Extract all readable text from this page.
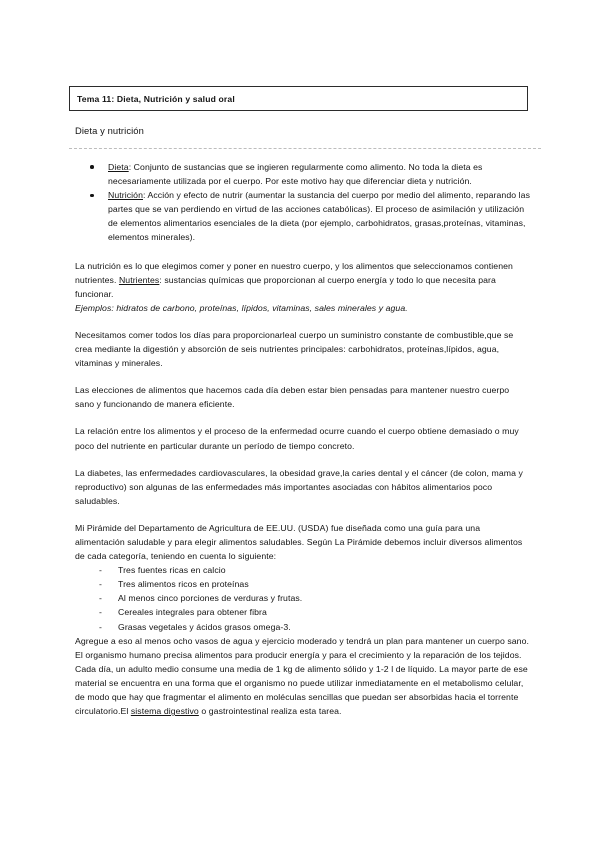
Tema 11: Dieta, Nutrición y salud oral
Dieta y nutrición
Dieta: Conjunto de sustancias que se ingieren regularmente como alimento. No toda la dieta es necesariamente utilizada por el cuerpo. Por este motivo hay que diferenciar dieta y nutrición.
Nutrición: Acción y efecto de nutrir (aumentar la sustancia del cuerpo por medio del alimento, reparando las partes que se van perdiendo en virtud de las acciones catabólicas). El proceso de asimilación y utilización de elementos alimentarios esenciales de la dieta (por ejemplo, carbohidratos, grasas,proteínas, vitaminas, elementos minerales).

La nutrición es lo que elegimos comer y poner en nuestro cuerpo, y los alimentos que seleccionamos contienen nutrientes. Nutrientes: sustancias químicas que proporcionan al cuerpo energía y todo lo que necesita para funcionar.

Ejemplos: hidratos de carbono, proteínas, lípidos, vitaminas, sales minerales y agua.

Necesitamos comer todos los días para proporcionarleal cuerpo un suministro constante de combustible,que se crea mediante la digestión y absorción de seis nutrientes principales: carbohidratos, proteínas,lípidos, agua, vitaminas y minerales.

Las elecciones de alimentos que hacemos cada día deben estar bien pensadas para mantener nuestro cuerpo sano y funcionando de manera eficiente.

La relación entre los alimentos y el proceso de la enfermedad ocurre cuando el cuerpo obtiene demasiado o muy poco del nutriente en particular durante un período de tiempo concreto.

La diabetes, las enfermedades cardiovasculares, la obesidad grave,la caries dental y el cáncer (de colon, mama y reproductivo) son algunas de las enfermedades más importantes asociadas con hábitos alimentarios poco saludables.

Mi Pirámide del Departamento de Agricultura de EE.UU. (USDA) fue diseñada como una guía para una alimentación saludable y para elegir alimentos saludables. Según La Pirámide debemos incluir diversos alimentos de cada categoría, teniendo en cuenta lo siguiente:

- Tres fuentes ricas en calcio
- Tres alimentos ricos en proteínas
- Al menos cinco porciones de verduras y frutas.
- Cereales integrales para obtener fibra
- Grasas vegetales y ácidos grasos omega-3.

Agregue a eso al menos ocho vasos de agua y ejercicio moderado y tendrá un plan para mantener un cuerpo sano.

El organismo humano precisa alimentos para producir energía y para el crecimiento y la reparación de los tejidos. Cada día, un adulto medio consume una media de 1 kg de alimento sólido y 1-2 l de líquido. La mayor parte de ese material se encuentra en una forma que el organismo no puede utilizar inmediatamente en el metabolismo celular, de modo que hay que fragmentar el alimento en moléculas sencillas que puedan ser absorbidas hacia el torrente circulatorio.El sistema digestivo o gastrointestinal realiza esta tarea.
